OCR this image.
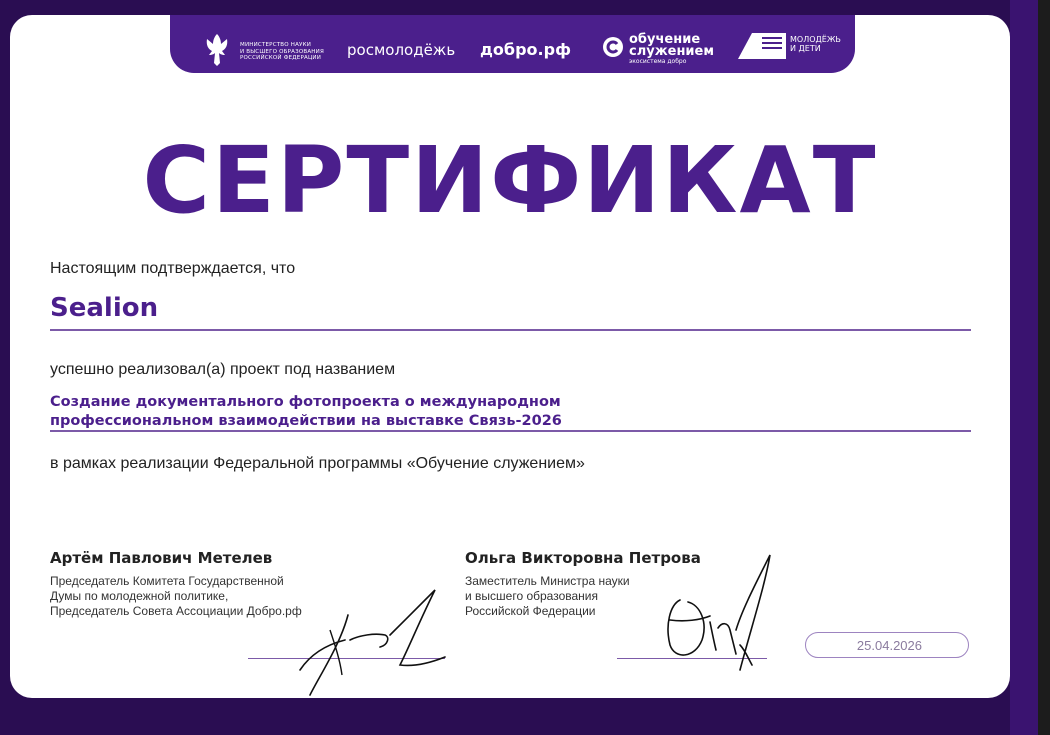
МИНИСТЕРСТВО НАУКИ
И ВЫСШЕГО ОБРАЗОВАНИЯ
РОССИЙСКОЙ ФЕДЕРАЦИИ росмолодёжь добро.рф
обучение
служением
экосистема добро
МОЛОДЁЖЬ
И ДЕТИ
СЕРТИФИКАТ
Настоящим подтверждается, что
Sealion
успешно реализовал(а) проект под названием
Создание документального фотопроекта о международном
профессиональном взаимодействии на выставке Связь-2026
в рамках реализации Федеральной программы «Обучение служением»
Артём Павлович Метелев
Председатель Комитета Государственной
Думы по молодежной политике,
Председатель Совета Ассоциации Добро.рф
Ольга Викторовна Петрова
Заместитель Министра науки
и высшего образования
Российской Федерации
25.04.2026
